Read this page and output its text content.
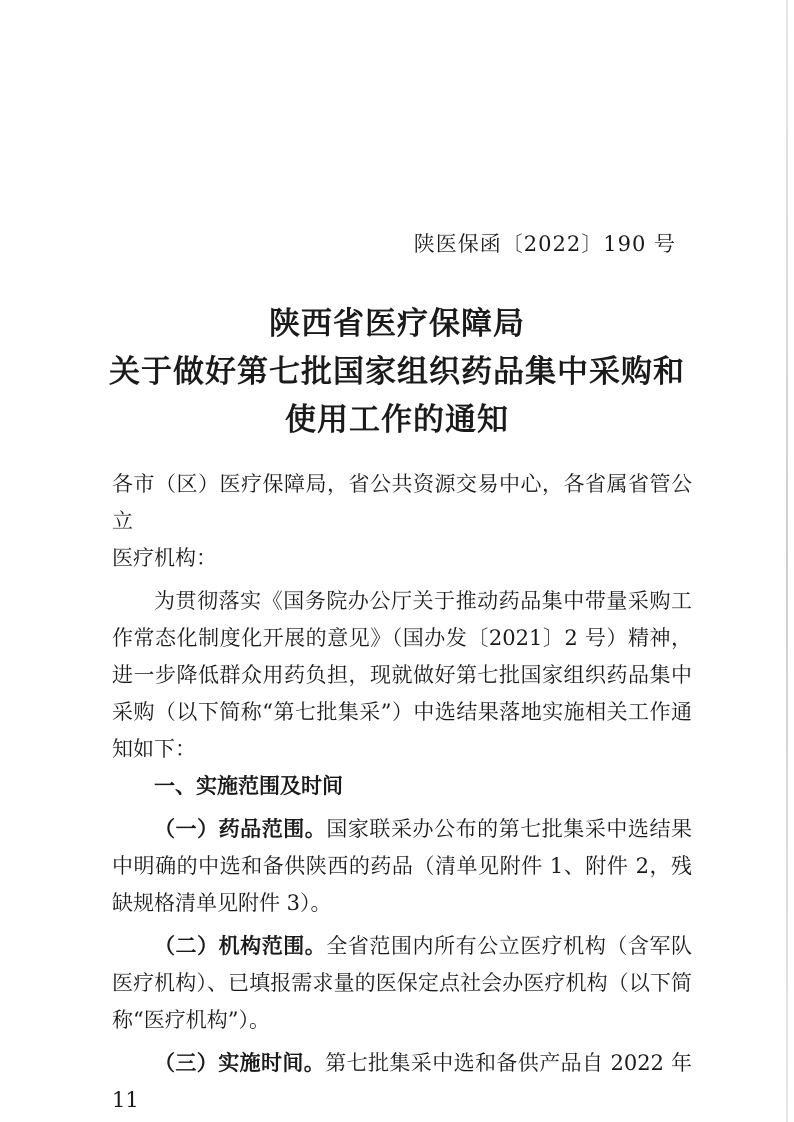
陕医保函〔2022〕190 号
陕西省医疗保障局
关于做好第七批国家组织药品集中采购和
使用工作的通知

各市（区）医疗保障局，省公共资源交易中心，各省属省管公立
医疗机构：

为贯彻落实《国务院办公厅关于推动药品集中带量采购工作常态化制度化开展的意见》（国办发〔2021〕2 号）精神，进一步降低群众用药负担，现就做好第七批国家组织药品集中采购（以下简称“第七批集采”）中选结果落地实施相关工作通知如下：

一、实施范围及时间

（一）药品范围。国家联采办公布的第七批集采中选结果中明确的中选和备供陕西的药品（清单见附件 1、附件 2，残缺规格清单见附件 3）。

（二）机构范围。全省范围内所有公立医疗机构（含军队医疗机构）、已填报需求量的医保定点社会办医疗机构（以下简称“医疗机构”）。

（三）实施时间。第七批集采中选和备供产品自 2022 年 11
